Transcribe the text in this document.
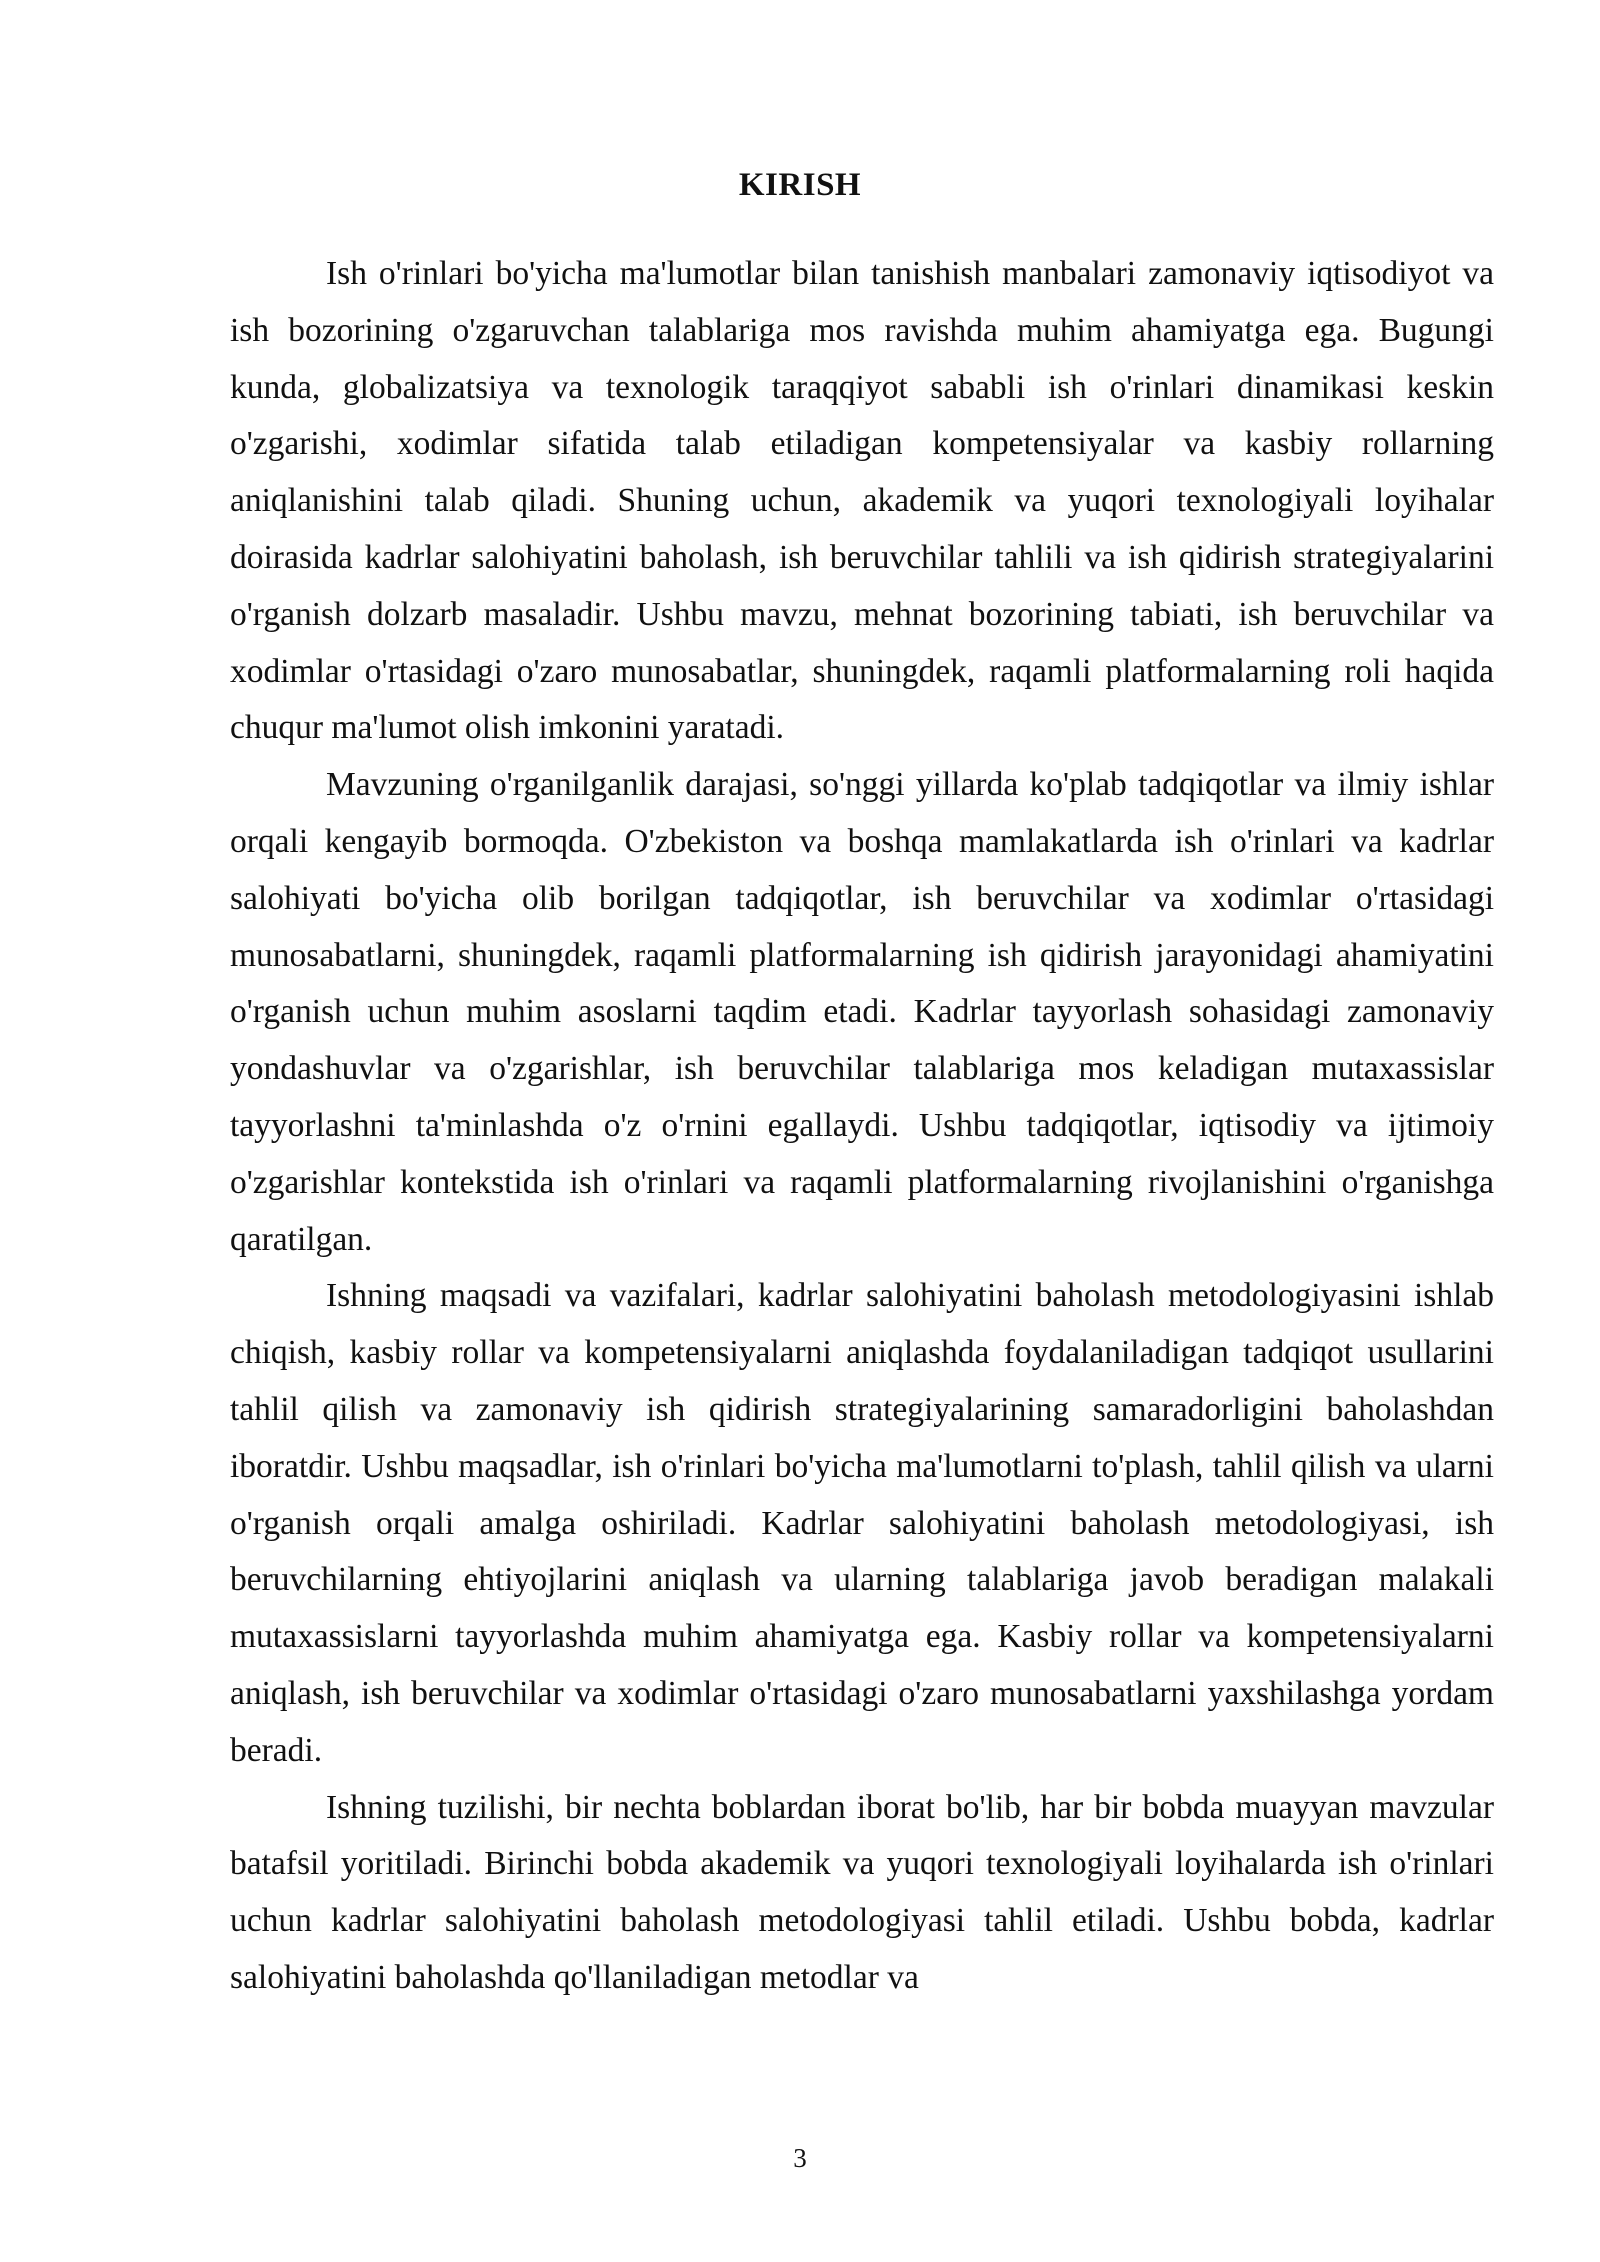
KIRISH

Ish o'rinlari bo'yicha ma'lumotlar bilan tanishish manbalari zamonaviy iqtisodiyot va ish bozorining o'zgaruvchan talablariga mos ravishda muhim ahamiyatga ega. Bugungi kunda, globalizatsiya va texnologik taraqqiyot sababli ish o'rinlari dinamikasi keskin o'zgarishi, xodimlar sifatida talab etiladigan kompetensiyalar va kasbiy rollarning aniqlanishini talab qiladi. Shuning uchun, akademik va yuqori texnologiyali loyihalar doirasida kadrlar salohiyatini baholash, ish beruvchilar tahlili va ish qidirish strategiyalarini o'rganish dolzarb masaladir. Ushbu mavzu, mehnat bozorining tabiati, ish beruvchilar va xodimlar o'rtasidagi o'zaro munosabatlar, shuningdek, raqamli platformalarning roli haqida chuqur ma'lumot olish imkonini yaratadi.

Mavzuning o'rganilganlik darajasi, so'nggi yillarda ko'plab tadqiqotlar va ilmiy ishlar orqali kengayib bormoqda. O'zbekiston va boshqa mamlakatlarda ish o'rinlari va kadrlar salohiyati bo'yicha olib borilgan tadqiqotlar, ish beruvchilar va xodimlar o'rtasidagi munosabatlarni, shuningdek, raqamli platformalarning ish qidirish jarayonidagi ahamiyatini o'rganish uchun muhim asoslarni taqdim etadi. Kadrlar tayyorlash sohasidagi zamonaviy yondashuvlar va o'zgarishlar, ish beruvchilar talablariga mos keladigan mutaxassislar tayyorlashni ta'minlashda o'z o'rnini egallaydi. Ushbu tadqiqotlar, iqtisodiy va ijtimoiy o'zgarishlar kontekstida ish o'rinlari va raqamli platformalarning rivojlanishini o'rganishga qaratilgan.

Ishning maqsadi va vazifalari, kadrlar salohiyatini baholash metodologiyasini ishlab chiqish, kasbiy rollar va kompetensiyalarni aniqlashda foydalaniladigan tadqiqot usullarini tahlil qilish va zamonaviy ish qidirish strategiyalarining samaradorligini baholashdan iboratdir. Ushbu maqsadlar, ish o'rinlari bo'yicha ma'lumotlarni to'plash, tahlil qilish va ularni o'rganish orqali amalga oshiriladi. Kadrlar salohiyatini baholash metodologiyasi, ish beruvchilarning ehtiyojlarini aniqlash va ularning talablariga javob beradigan malakali mutaxassislarni tayyorlashda muhim ahamiyatga ega. Kasbiy rollar va kompetensiyalarni aniqlash, ish beruvchilar va xodimlar o'rtasidagi o'zaro munosabatlarni yaxshilashga yordam beradi.

Ishning tuzilishi, bir nechta boblardan iborat bo'lib, har bir bobda muayyan mavzular batafsil yoritiladi. Birinchi bobda akademik va yuqori texnologiyali loyihalarda ish o'rinlari uchun kadrlar salohiyatini baholash metodologiyasi tahlil etiladi. Ushbu bobda, kadrlar salohiyatini baholashda qo'llaniladigan metodlar va

3
